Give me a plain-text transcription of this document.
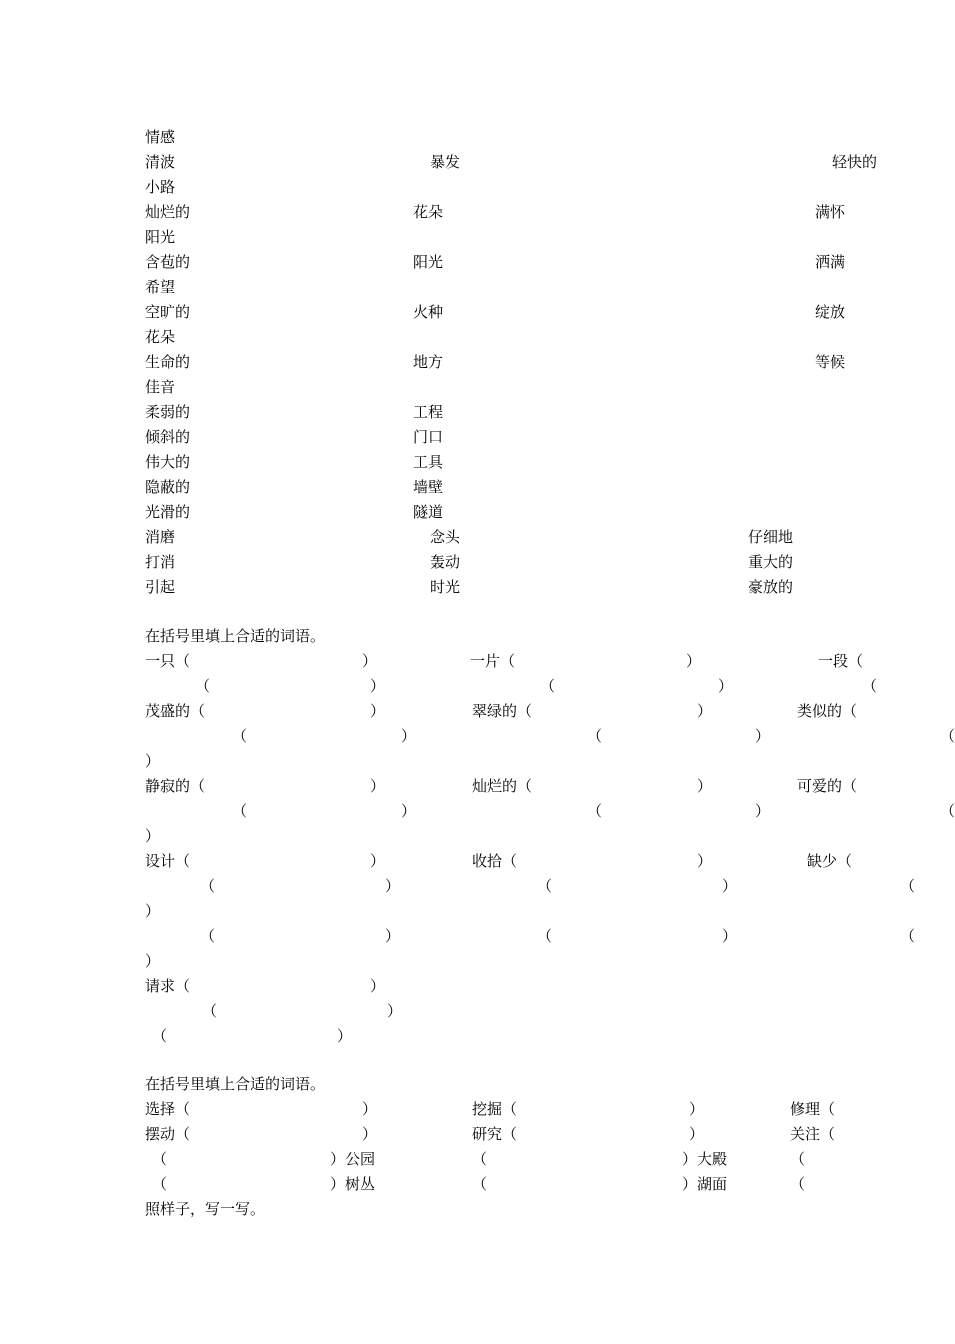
情感
清波	暴发	轻快的
小路
灿烂的	花朵	满怀
阳光
含苞的	阳光	洒满
希望
空旷的	火种	绽放
花朵
生命的	地方	等候
佳音
柔弱的	工程
倾斜的	门口
伟大的	工具
隐蔽的	墙壁
光滑的	隧道
消磨	念头	仔细地
打消	轰动	重大的
引起	时光	豪放的
在括号里填上合适的词语。
一只（	）	一片（	）	一段（
（	）	（	）	（
茂盛的（	）	翠绿的（	）	类似的（
（	）	（	）	（
）
静寂的（	）	灿烂的（	）	可爱的（
（	）	（	）	（
）
设计（	）	收拾（	）	缺少（
（	）	（	）	（
）
（	）	（	）	（
）
请求（	）
（	）
（	）
在括号里填上合适的词语。
选择（	）	挖掘（	）	修理（
摆动（	）	研究（	）	关注（
（	）公园	（	）大殿	（
（	）树丛	（	）湖面	（
照样子，写一写。
